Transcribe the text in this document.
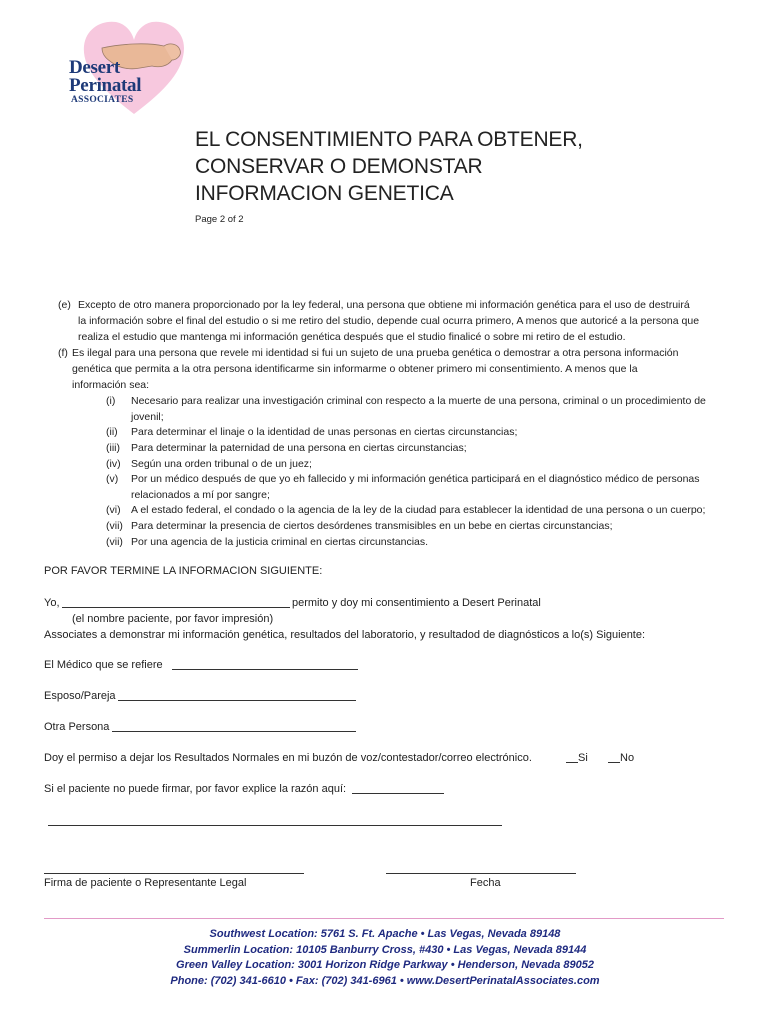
Desert
Perinatal
ASSOCIATES
EL CONSENTIMIENTO PARA OBTENER,
CONSERVAR O DEMONSTAR
INFORMACION GENETICA
Page 2 of 2
(e) Excepto de otro manera proporcionado por la ley federal, una persona que obtiene mi información genética para el uso de destruirá
la información sobre el final del estudio o si me retiro del studio, depende cual ocurra primero, A menos que autoricé a la persona que
realiza el estudio que mantenga mi información genética después que el studio finalicé o sobre mi retiro de el estudio.
(f) Es ilegal para una persona que revele mi identidad si fui un sujeto de una prueba genética o demostrar a otra persona información
genética que permita a la otra persona identificarme sin informarme o obtener primero mi consentimiento. A menos que la
información sea:
(i) Necesario para realizar una investigación criminal con respecto a la muerte de una persona, criminal o un procedimiento de
jovenil;
(ii) Para determinar el linaje o la identidad de unas personas en ciertas circunstancias;
(iii) Para determinar la paternidad de una persona en ciertas circunstancias;
(iv) Según una orden tribunal o de un juez;
(v) Por un médico después de que yo eh fallecido y mi información genética participará en el diagnóstico médico de personas
relacionados a mí por sangre;
(vi) A el estado federal, el condado o la agencia de la ley de la ciudad para establecer la identidad de una persona o un cuerpo;
(vii) Para determinar la presencia de ciertos desórdenes transmisibles en un bebe en ciertas circunstancias;
(vii) Por una agencia de la justicia criminal en ciertas circunstancias.
POR FAVOR TERMINE LA INFORMACION SIGUIENTE:
Yo,	permito y doy mi consentimiento a Desert Perinatal
(el nombre paciente, por favor impresión)
Associates a demonstrar mi información genética, resultados del laboratorio, y resultadod de diagnósticos a lo(s) Siguiente:
El Médico que se refiere
Esposo/Pareja
Otra Persona
Doy el permiso a dejar los Resultados Normales en mi buzón de voz/contestador/correo electrónico.	Si	No
Si el paciente no puede firmar, por favor explice la razón aquí:
Firma de paciente o Representante Legal	Fecha
Southwest Location: 5761 S. Ft. Apache • Las Vegas, Nevada 89148
Summerlin Location: 10105 Banburry Cross, #430 • Las Vegas, Nevada 89144
Green Valley Location: 3001 Horizon Ridge Parkway • Henderson, Nevada 89052
Phone: (702) 341-6610 • Fax: (702) 341-6961 • www.DesertPerinatalAssociates.com
